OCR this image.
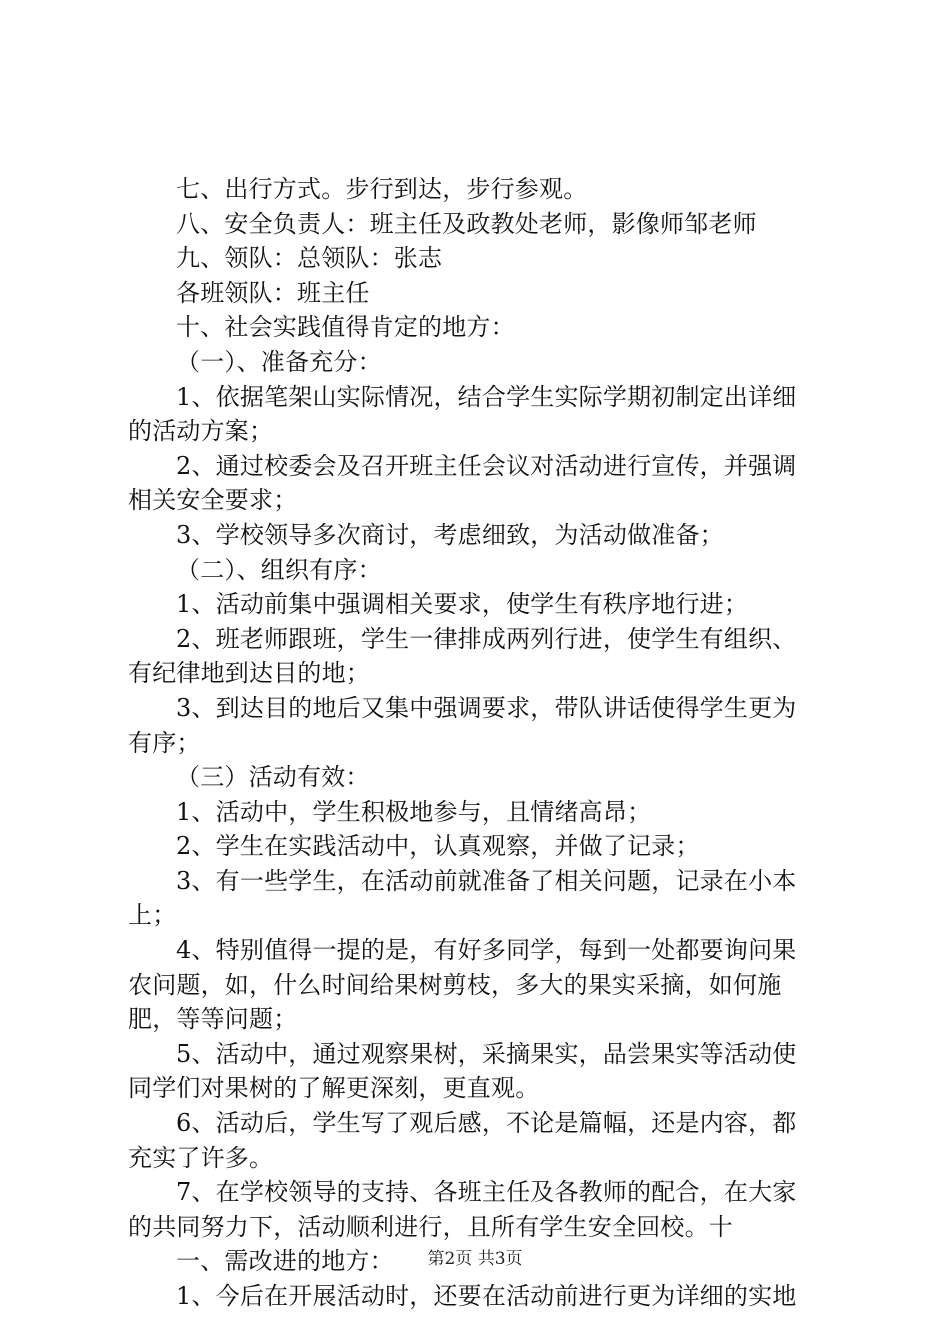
七、出行方式。步行到达，步行参观。
八、安全负责人：班主任及政教处老师，影像师邹老师
九、领队：总领队：张志
各班领队：班主任
十、社会实践值得肯定的地方：
（一）、准备充分：
1、依据笔架山实际情况，结合学生实际学期初制定出详细
的活动方案；
2、通过校委会及召开班主任会议对活动进行宣传，并强调
相关安全要求；
3、学校领导多次商讨，考虑细致，为活动做准备；
（二）、组织有序：
1、活动前集中强调相关要求，使学生有秩序地行进；
2、班老师跟班，学生一律排成两列行进，使学生有组织、
有纪律地到达目的地；
3、到达目的地后又集中强调要求，带队讲话使得学生更为
有序；
（三）活动有效：
1、活动中，学生积极地参与，且情绪高昂；
2、学生在实践活动中，认真观察，并做了记录；
3、有一些学生，在活动前就准备了相关问题，记录在小本
上；
4、特别值得一提的是，有好多同学，每到一处都要询问果
农问题，如，什么时间给果树剪枝，多大的果实采摘，如何施
肥，等等问题；
5、活动中，通过观察果树，采摘果实，品尝果实等活动使
同学们对果树的了解更深刻，更直观。
6、活动后，学生写了观后感，不论是篇幅，还是内容，都
充实了许多。
7、在学校领导的支持、各班主任及各教师的配合，在大家
的共同努力下，活动顺利进行，且所有学生安全回校。十
一、需改进的地方：
1、今后在开展活动时，还要在活动前进行更为详细的实地
第2页 共3页
